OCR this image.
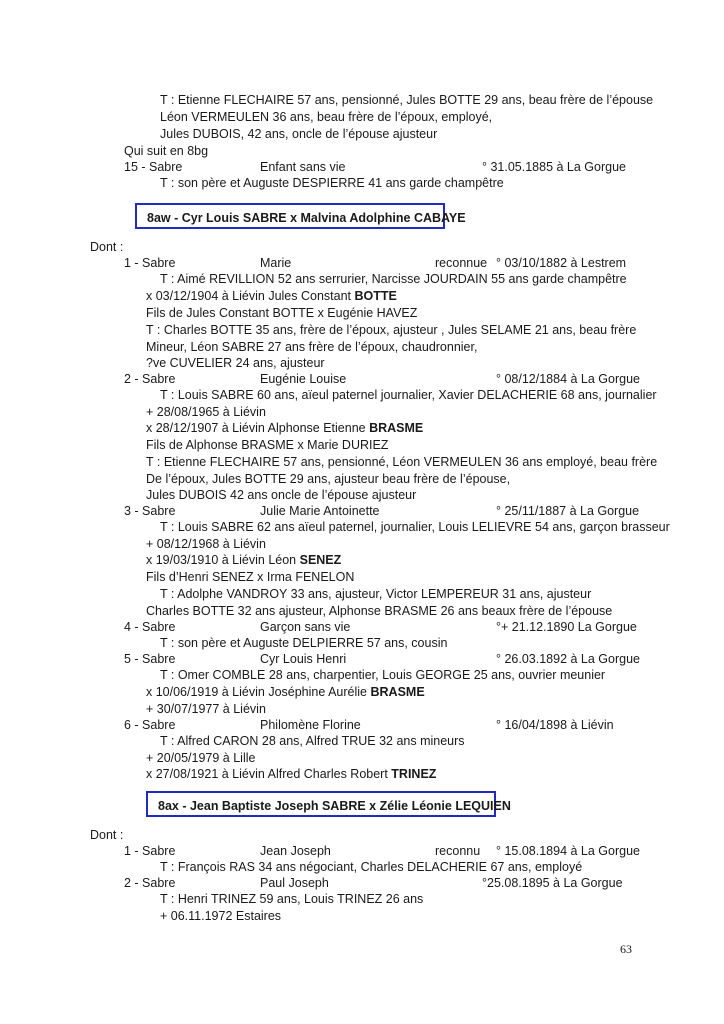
T : Etienne FLECHAIRE 57 ans, pensionné, Jules BOTTE 29 ans, beau frère de l’épouse
Léon VERMEULEN 36 ans, beau frère de l’époux, employé,
Jules DUBOIS, 42 ans, oncle de l’épouse ajusteur
Qui suit en 8bg
15 - Sabre	Enfant sans vie	° 31.05.1885 à La Gorgue
T : son père et Auguste DESPIERRE 41 ans garde champêtre
8aw - Cyr Louis SABRE x Malvina Adolphine CABAYE
Dont :
1 - Sabre	Marie	reconnue ° 03/10/1882 à Lestrem
T : Aimé REVILLION 52 ans serrurier, Narcisse JOURDAIN 55 ans garde champêtre
x 03/12/1904 à Liévin Jules Constant BOTTE
Fils de Jules Constant BOTTE x Eugénie HAVEZ
T : Charles BOTTE 35 ans, frère de l’époux, ajusteur , Jules SELAME 21 ans, beau frère
Mineur, Léon SABRE 27 ans frère de l’époux, chaudronnier,
?ve CUVELIER 24 ans, ajusteur
2 - Sabre	Eugénie Louise	° 08/12/1884 à La Gorgue
T : Louis SABRE 60 ans, aïeul paternel journalier, Xavier DELACHERIE 68 ans, journalier
+ 28/08/1965 à Liévin
x 28/12/1907 à Liévin Alphonse Etienne BRASME
Fils de Alphonse BRASME x Marie DURIEZ
T : Etienne FLECHAIRE 57 ans, pensionné, Léon VERMEULEN 36 ans employé, beau frère
De l’époux, Jules BOTTE 29 ans, ajusteur beau frère de l’épouse,
Jules DUBOIS 42 ans oncle de l’épouse ajusteur
3 - Sabre	Julie Marie Antoinette	° 25/11/1887 à La Gorgue
T : Louis SABRE 62 ans aïeul paternel, journalier, Louis LELIEVRE 54 ans, garçon brasseur
+ 08/12/1968 à Liévin
x 19/03/1910 à Liévin Léon SENEZ
Fils d’Henri SENEZ x Irma FENELON
T : Adolphe VANDROY 33 ans, ajusteur, Victor LEMPEREUR 31 ans, ajusteur
Charles BOTTE 32 ans ajusteur, Alphonse BRASME 26 ans beaux frère de l’épouse
4 - Sabre	Garçon sans vie	°+ 21.12.1890 La Gorgue
T : son père et Auguste DELPIERRE 57 ans, cousin
5 - Sabre	Cyr Louis Henri	° 26.03.1892 à La Gorgue
T : Omer COMBLE 28 ans, charpentier, Louis GEORGE 25 ans, ouvrier meunier
x 10/06/1919 à Liévin Joséphine Aurélie BRASME
+ 30/07/1977 à Liévin
6 - Sabre	Philomène Florine	° 16/04/1898 à Liévin
T : Alfred CARON 28 ans, Alfred TRUE 32 ans mineurs
+ 20/05/1979 à Lille
x 27/08/1921 à Liévin Alfred Charles Robert TRINEZ
8ax - Jean Baptiste Joseph SABRE x Zélie Léonie LEQUIEN
Dont :
1 - Sabre	Jean Joseph	reconnu ° 15.08.1894 à La Gorgue
T : François RAS 34 ans négociant, Charles DELACHERIE 67 ans, employé
2 - Sabre	Paul Joseph	°25.08.1895 à La Gorgue
T : Henri TRINEZ 59 ans, Louis TRINEZ 26 ans
+ 06.11.1972 Estaires
63
